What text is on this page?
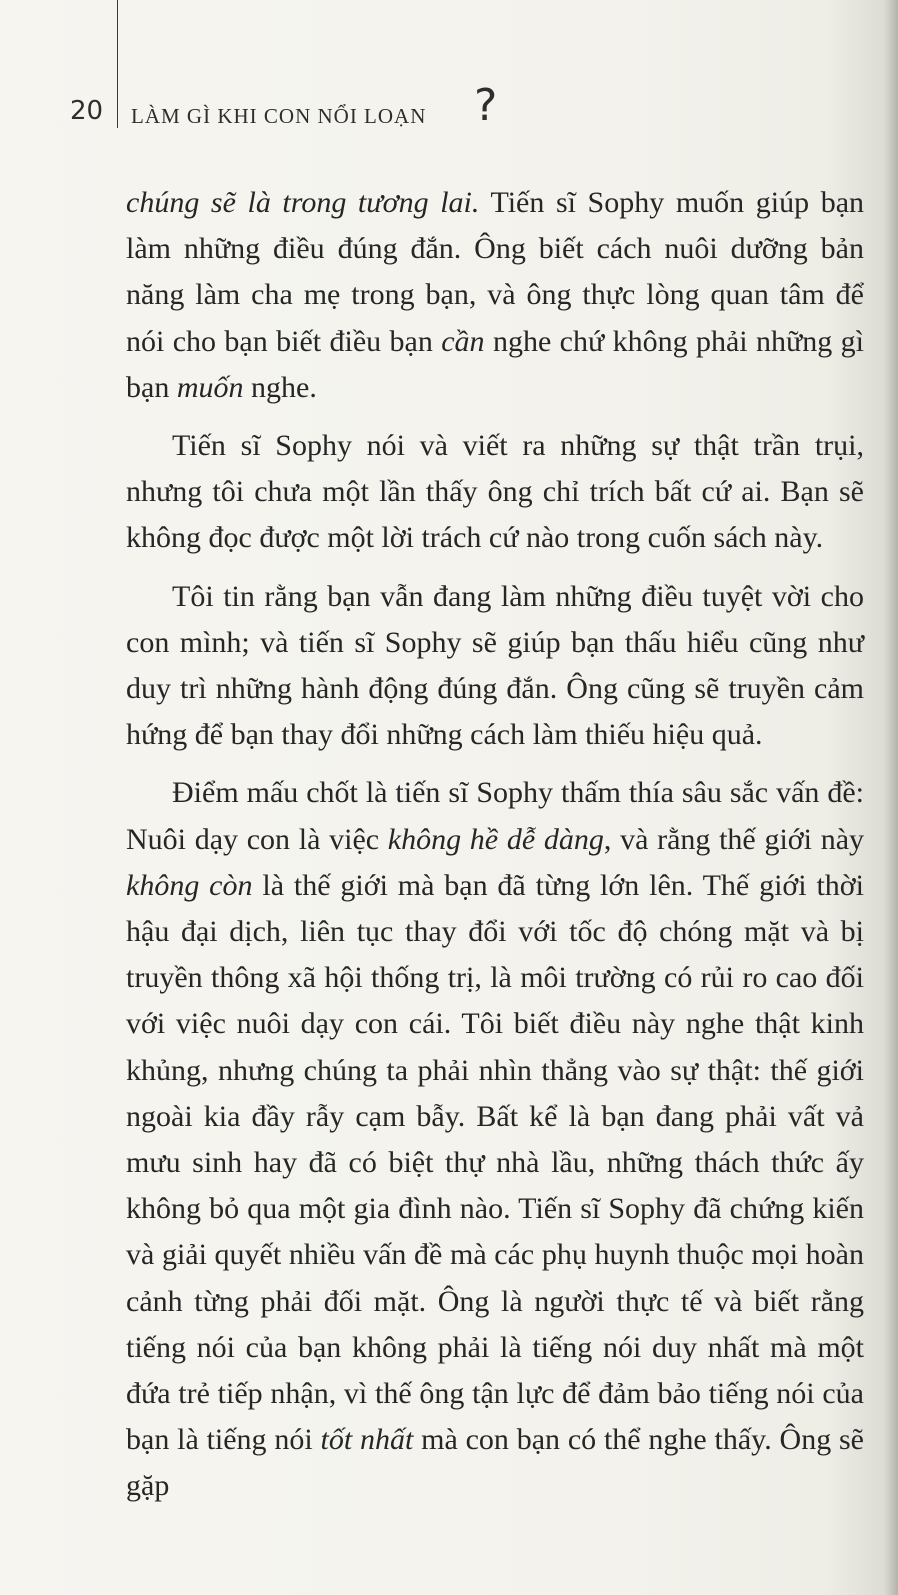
20 LÀM GÌ KHI CON NỔI LOẠN ?

chúng sẽ là trong tương lai. Tiến sĩ Sophy muốn giúp bạn làm những điều đúng đắn. Ông biết cách nuôi dưỡng bản năng làm cha mẹ trong bạn, và ông thực lòng quan tâm để nói cho bạn biết điều bạn cần nghe chứ không phải những gì bạn muốn nghe.

Tiến sĩ Sophy nói và viết ra những sự thật trần trụi, nhưng tôi chưa một lần thấy ông chỉ trích bất cứ ai. Bạn sẽ không đọc được một lời trách cứ nào trong cuốn sách này.

Tôi tin rằng bạn vẫn đang làm những điều tuyệt vời cho con mình; và tiến sĩ Sophy sẽ giúp bạn thấu hiểu cũng như duy trì những hành động đúng đắn. Ông cũng sẽ truyền cảm hứng để bạn thay đổi những cách làm thiếu hiệu quả.

Điểm mấu chốt là tiến sĩ Sophy thấm thía sâu sắc vấn đề: Nuôi dạy con là việc không hề dễ dàng, và rằng thế giới này không còn là thế giới mà bạn đã từng lớn lên. Thế giới thời hậu đại dịch, liên tục thay đổi với tốc độ chóng mặt và bị truyền thông xã hội thống trị, là môi trường có rủi ro cao đối với việc nuôi dạy con cái. Tôi biết điều này nghe thật kinh khủng, nhưng chúng ta phải nhìn thẳng vào sự thật: thế giới ngoài kia đầy rẫy cạm bẫy. Bất kể là bạn đang phải vất vả mưu sinh hay đã có biệt thự nhà lầu, những thách thức ấy không bỏ qua một gia đình nào. Tiến sĩ Sophy đã chứng kiến và giải quyết nhiều vấn đề mà các phụ huynh thuộc mọi hoàn cảnh từng phải đối mặt. Ông là người thực tế và biết rằng tiếng nói của bạn không phải là tiếng nói duy nhất mà một đứa trẻ tiếp nhận, vì thế ông tận lực để đảm bảo tiếng nói của bạn là tiếng nói tốt nhất mà con bạn có thể nghe thấy. Ông sẽ gặp
